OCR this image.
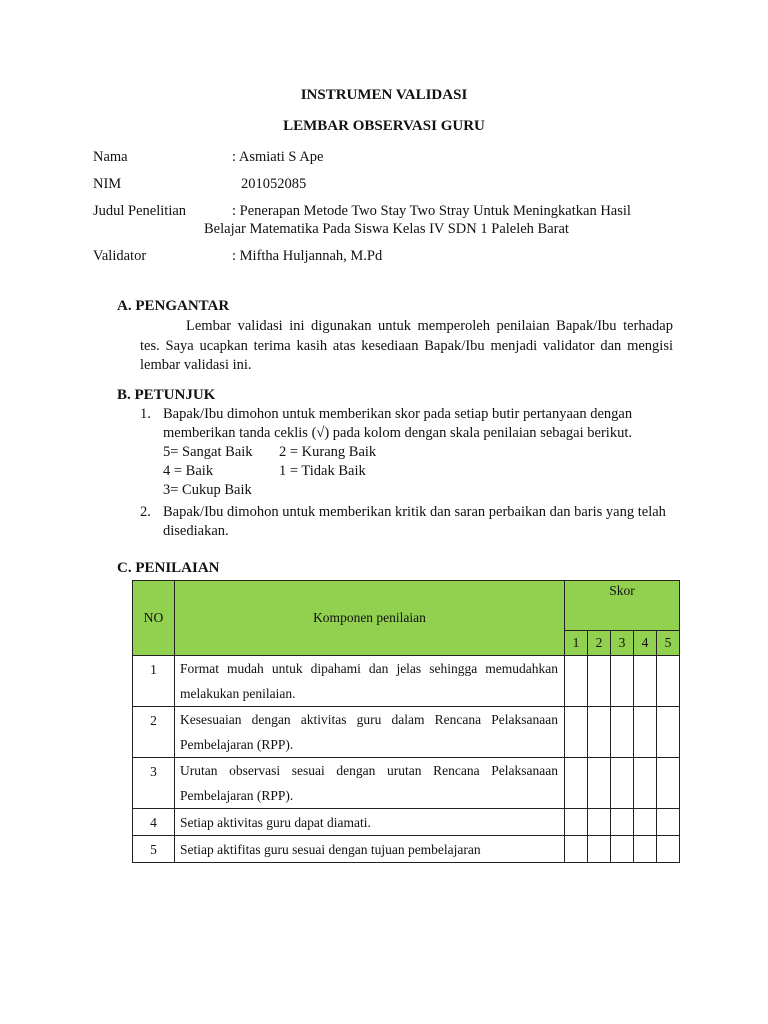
INSTRUMEN VALIDASI
LEMBAR OBSERVASI GURU
Nama	: Asmiati S Ape
NIM	201052085
Judul Penelitian	: Penerapan Metode Two Stay Two Stray Untuk Meningkatkan Hasil
Belajar Matematika Pada Siswa Kelas IV SDN 1 Paleleh Barat
Validator	: Miftha Huljannah, M.Pd
A. PENGANTAR
Lembar validasi ini digunakan untuk memperoleh penilaian Bapak/Ibu terhadap tes. Saya ucapkan terima kasih atas kesediaan Bapak/Ibu menjadi validator dan mengisi lembar validasi ini.
B. PETUNJUK
1. Bapak/Ibu dimohon untuk memberikan skor pada setiap butir pertanyaan dengan memberikan tanda ceklis (√) pada kolom dengan skala penilaian sebagai berikut.
5= Sangat Baik 2 = Kurang Baik
4 = Baik	1 = Tidak Baik
3= Cukup Baik
2. Bapak/Ibu dimohon untuk memberikan kritik dan saran perbaikan dan baris yang telah disediakan.
C. PENILAIAN
NO	Komponen penilaian	Skor				
		1	2	3	4	5
1	Format mudah untuk dipahami dan jelas sehingga memudahkan melakukan penilaian.					
2	Kesesuaian dengan aktivitas guru dalam Rencana Pelaksanaan Pembelajaran (RPP).					
3	Urutan observasi sesuai dengan urutan Rencana Pelaksanaan Pembelajaran (RPP).					
4	Setiap aktivitas guru dapat diamati.					
5	Setiap aktifitas guru sesuai dengan tujuan pembelajaran					
